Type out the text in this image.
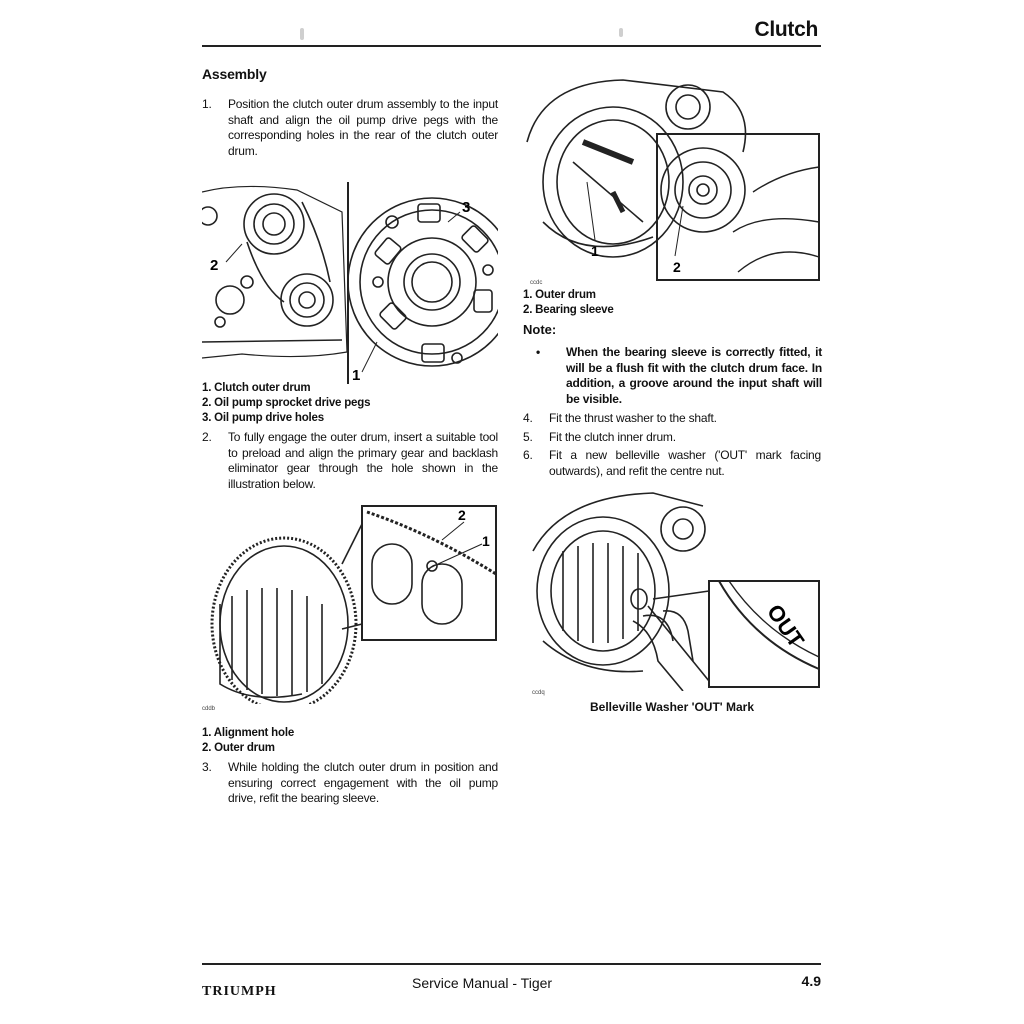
Clutch
Assembly
1.	Position the clutch outer drum assembly to the input shaft and align the oil pump drive pegs with the corresponding holes in the rear of the clutch outer drum.
3
1
2
1. Clutch outer drum
2. Oil pump sprocket drive pegs
3. Oil pump drive holes
2.	To fully engage the outer drum, insert a suitable tool to preload and align the primary gear and backlash eliminator gear through the hole shown in the illustration below.
2
1
cddb
1. Alignment hole
2. Outer drum
3.	While holding the clutch outer drum in position and ensuring correct engagement with the oil pump drive, refit the bearing sleeve.
1
2
ccdc
1. Outer drum
2. Bearing sleeve
Note:
•	When the bearing sleeve is correctly fitted, it will be a flush fit with the clutch drum face. In addition, a groove around the input shaft will be visible.
4.	Fit the thrust washer to the shaft.
5.	Fit the clutch inner drum.
6.	Fit a new belleville washer ('OUT' mark facing outwards), and refit the centre nut.
OUT
ccdq
Belleville Washer 'OUT' Mark
TRIUMPH
Service Manual - Tiger	4.9
